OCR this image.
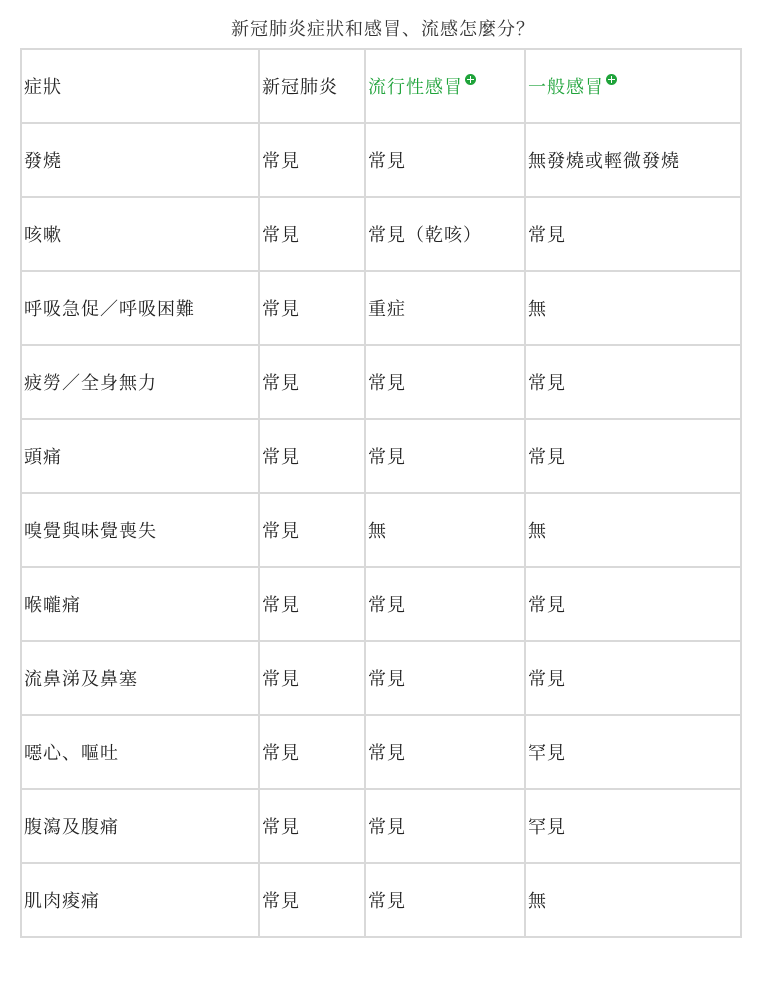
新冠肺炎症狀和感冒、流感怎麼分？
症狀	新冠肺炎	流行性感冒	一般感冒
發燒	常見	常見	無發燒或輕微發燒
咳嗽	常見	常見（乾咳）	常見
呼吸急促／呼吸困難	常見	重症	無
疲勞／全身無力	常見	常見	常見
頭痛	常見	常見	常見
嗅覺與味覺喪失	常見	無	無
喉嚨痛	常見	常見	常見
流鼻涕及鼻塞	常見	常見	常見
噁心、嘔吐	常見	常見	罕見
腹瀉及腹痛	常見	常見	罕見
肌肉痠痛	常見	常見	無
